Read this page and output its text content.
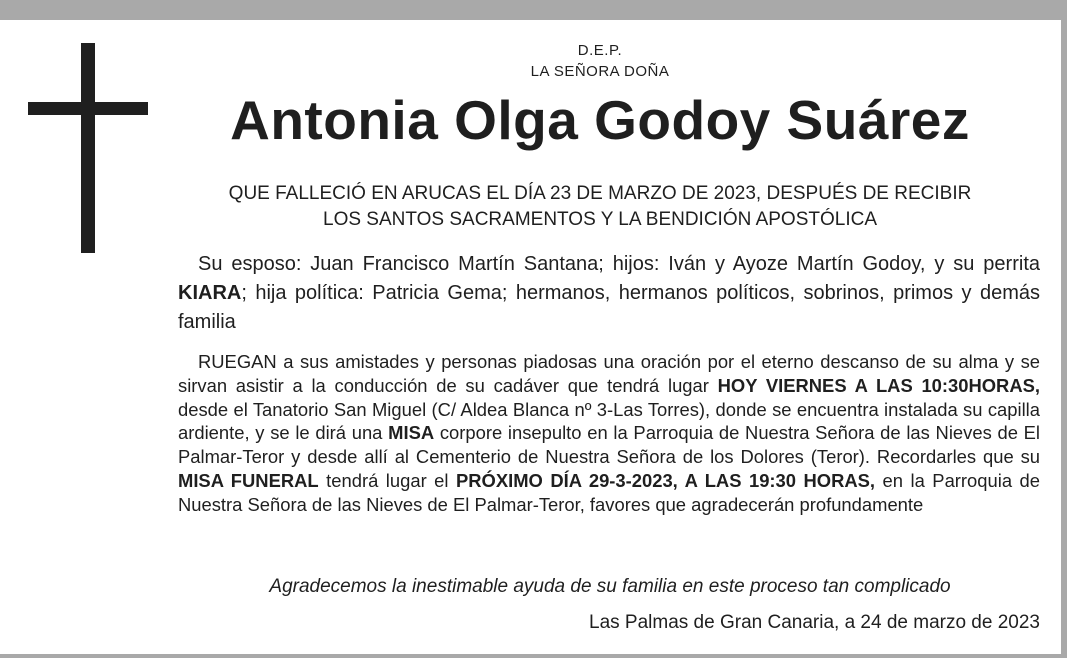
D.E.P.
LA SEÑORA DOÑA
Antonia Olga Godoy Suárez
QUE FALLECIÓ EN ARUCAS EL DÍA 23 DE MARZO DE 2023, DESPUÉS DE RECIBIR
LOS SANTOS SACRAMENTOS Y LA BENDICIÓN APOSTÓLICA
Su esposo: Juan Francisco Martín Santana; hijos: Iván y Ayoze Martín Godoy, y su perrita KIARA; hija política: Patricia Gema; hermanos, hermanos políticos, sobrinos, primos y demás familia
RUEGAN a sus amistades y personas piadosas una oración por el eterno descanso de su alma y se sirvan asistir a la conducción de su cadáver que tendrá lugar HOY VIERNES A LAS 10:30HORAS, desde el Tanatorio San Miguel (C/ Aldea Blanca nº 3-Las Torres), donde se encuentra instalada su capilla ardiente, y se le dirá una MISA corpore insepulto en la Parroquia de Nuestra Señora de las Nieves de El Palmar-Teror y desde allí al Cementerio de Nuestra Señora de los Dolores (Teror). Recordarles que su MISA FUNERAL tendrá lugar el PRÓXIMO DÍA 29-3-2023, A LAS 19:30 HORAS, en la Parroquia de Nuestra Señora de las Nieves de El Palmar-Teror, favores que agradecerán profundamente
Agradecemos la inestimable ayuda de su familia en este proceso tan complicado
Las Palmas de Gran Canaria, a 24 de marzo de 2023
